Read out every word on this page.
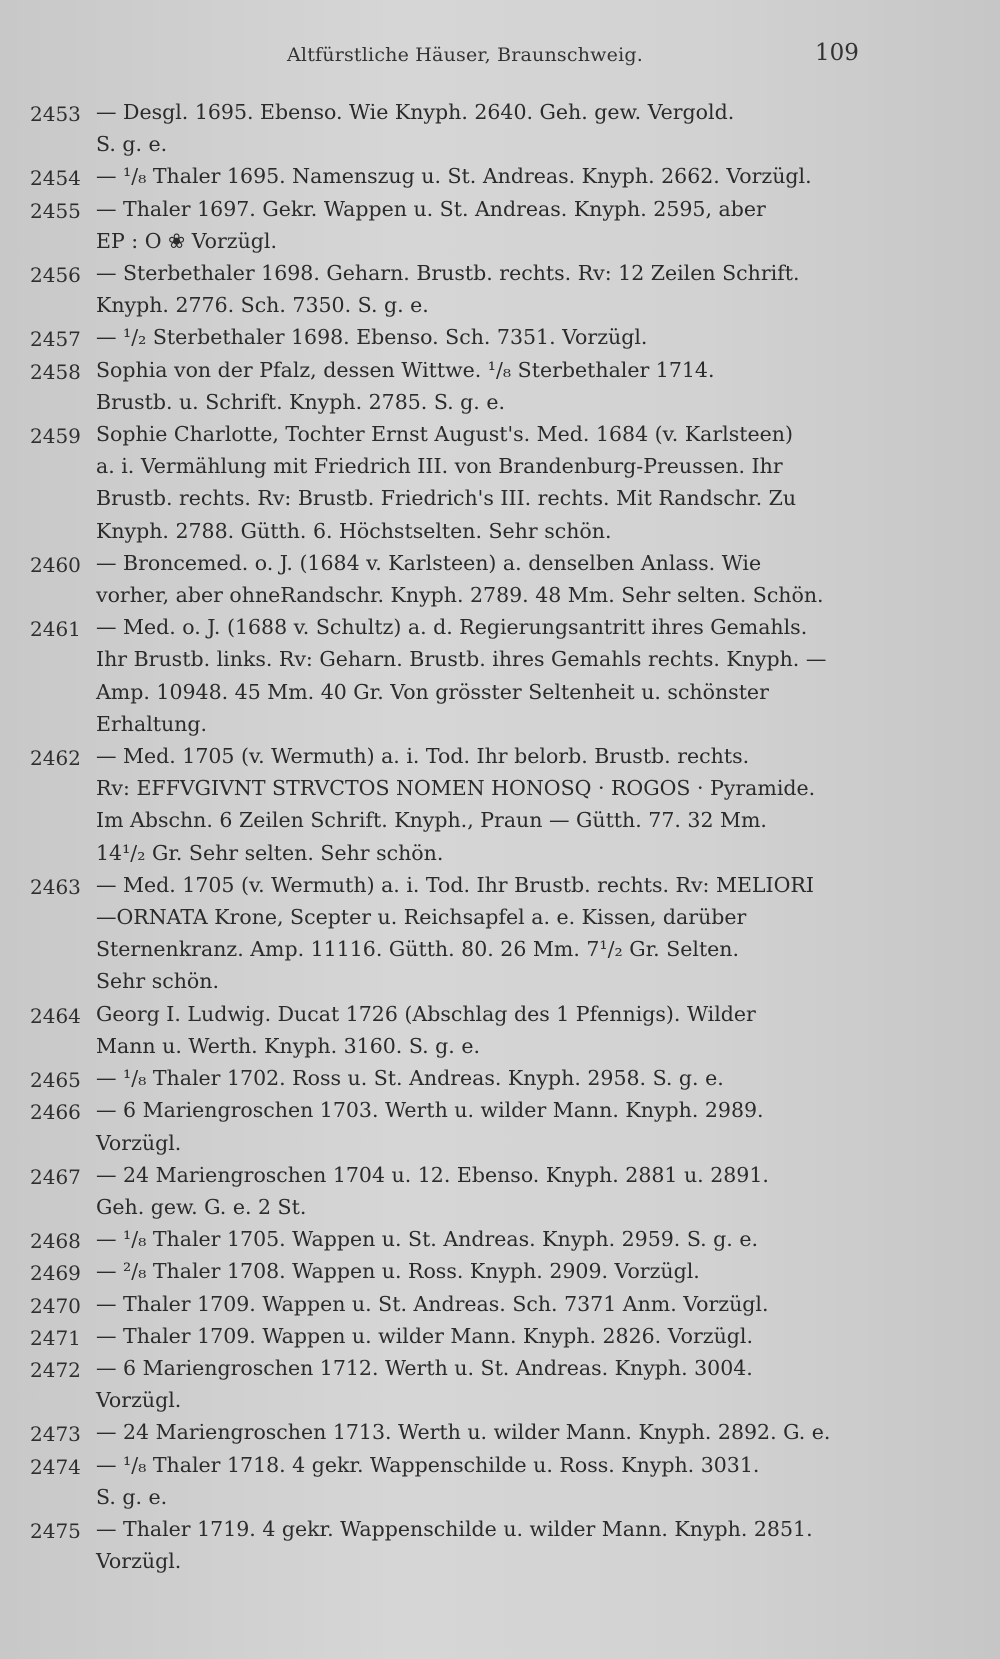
Altfürstliche Häuser, Braunschweig.	109
2453 — Desgl. 1695. Ebenso. Wie Knyph. 2640. Geh. gew. Vergold.
S. g. e.
2454 — ¹/₈ Thaler 1695. Namenszug u. St. Andreas. Knyph. 2662. Vorzügl.
2455 — Thaler 1697. Gekr. Wappen u. St. Andreas. Knyph. 2595, aber
EP : O ❀ Vorzügl.
2456 — Sterbethaler 1698. Geharn. Brustb. rechts. Rv: 12 Zeilen Schrift.
Knyph. 2776. Sch. 7350. S. g. e.
2457 — ¹/₂ Sterbethaler 1698. Ebenso. Sch. 7351. Vorzügl.
2458 Sophia von der Pfalz, dessen Wittwe. ¹/₈ Sterbethaler 1714.
Brustb. u. Schrift. Knyph. 2785. S. g. e.
2459 Sophie Charlotte, Tochter Ernst August's. Med. 1684 (v. Karlsteen)
a. i. Vermählung mit Friedrich III. von Brandenburg-Preussen. Ihr
Brustb. rechts. Rv: Brustb. Friedrich's III. rechts. Mit Randschr. Zu
Knyph. 2788. Gütth. 6. Höchstselten. Sehr schön.
2460 — Broncemed. o. J. (1684 v. Karlsteen) a. denselben Anlass. Wie
vorher, aber ohneRandschr. Knyph. 2789. 48 Mm. Sehr selten. Schön.
2461 — Med. o. J. (1688 v. Schultz) a. d. Regierungsantritt ihres Gemahls.
Ihr Brustb. links. Rv: Geharn. Brustb. ihres Gemahls rechts. Knyph. —
Amp. 10948. 45 Mm. 40 Gr. Von grösster Seltenheit u. schönster
Erhaltung.
2462 — Med. 1705 (v. Wermuth) a. i. Tod. Ihr belorb. Brustb. rechts.
Rv: EFFVGIVNT STRVCTOS NOMEN HONOSQ · ROGOS · Pyramide.
Im Abschn. 6 Zeilen Schrift. Knyph., Praun — Gütth. 77. 32 Mm.
14¹/₂ Gr. Sehr selten. Sehr schön.
2463 — Med. 1705 (v. Wermuth) a. i. Tod. Ihr Brustb. rechts. Rv: MELIORI
—ORNATA Krone, Scepter u. Reichsapfel a. e. Kissen, darüber
Sternenkranz. Amp. 11116. Gütth. 80. 26 Mm. 7¹/₂ Gr. Selten.
Sehr schön.
2464 Georg I. Ludwig. Ducat 1726 (Abschlag des 1 Pfennigs). Wilder
Mann u. Werth. Knyph. 3160. S. g. e.
2465 — ¹/₈ Thaler 1702. Ross u. St. Andreas. Knyph. 2958. S. g. e.
2466 — 6 Mariengroschen 1703. Werth u. wilder Mann. Knyph. 2989.
Vorzügl.
2467 — 24 Mariengroschen 1704 u. 12. Ebenso. Knyph. 2881 u. 2891.
Geh. gew. G. e. 2 St.
2468 — ¹/₈ Thaler 1705. Wappen u. St. Andreas. Knyph. 2959. S. g. e.
2469 — ²/₈ Thaler 1708. Wappen u. Ross. Knyph. 2909. Vorzügl.
2470 — Thaler 1709. Wappen u. St. Andreas. Sch. 7371 Anm. Vorzügl.
2471 — Thaler 1709. Wappen u. wilder Mann. Knyph. 2826. Vorzügl.
2472 — 6 Mariengroschen 1712. Werth u. St. Andreas. Knyph. 3004.
Vorzügl.
2473 — 24 Mariengroschen 1713. Werth u. wilder Mann. Knyph. 2892. G. e.
2474 — ¹/₈ Thaler 1718. 4 gekr. Wappenschilde u. Ross. Knyph. 3031.
S. g. e.
2475 — Thaler 1719. 4 gekr. Wappenschilde u. wilder Mann. Knyph. 2851.
Vorzügl.
